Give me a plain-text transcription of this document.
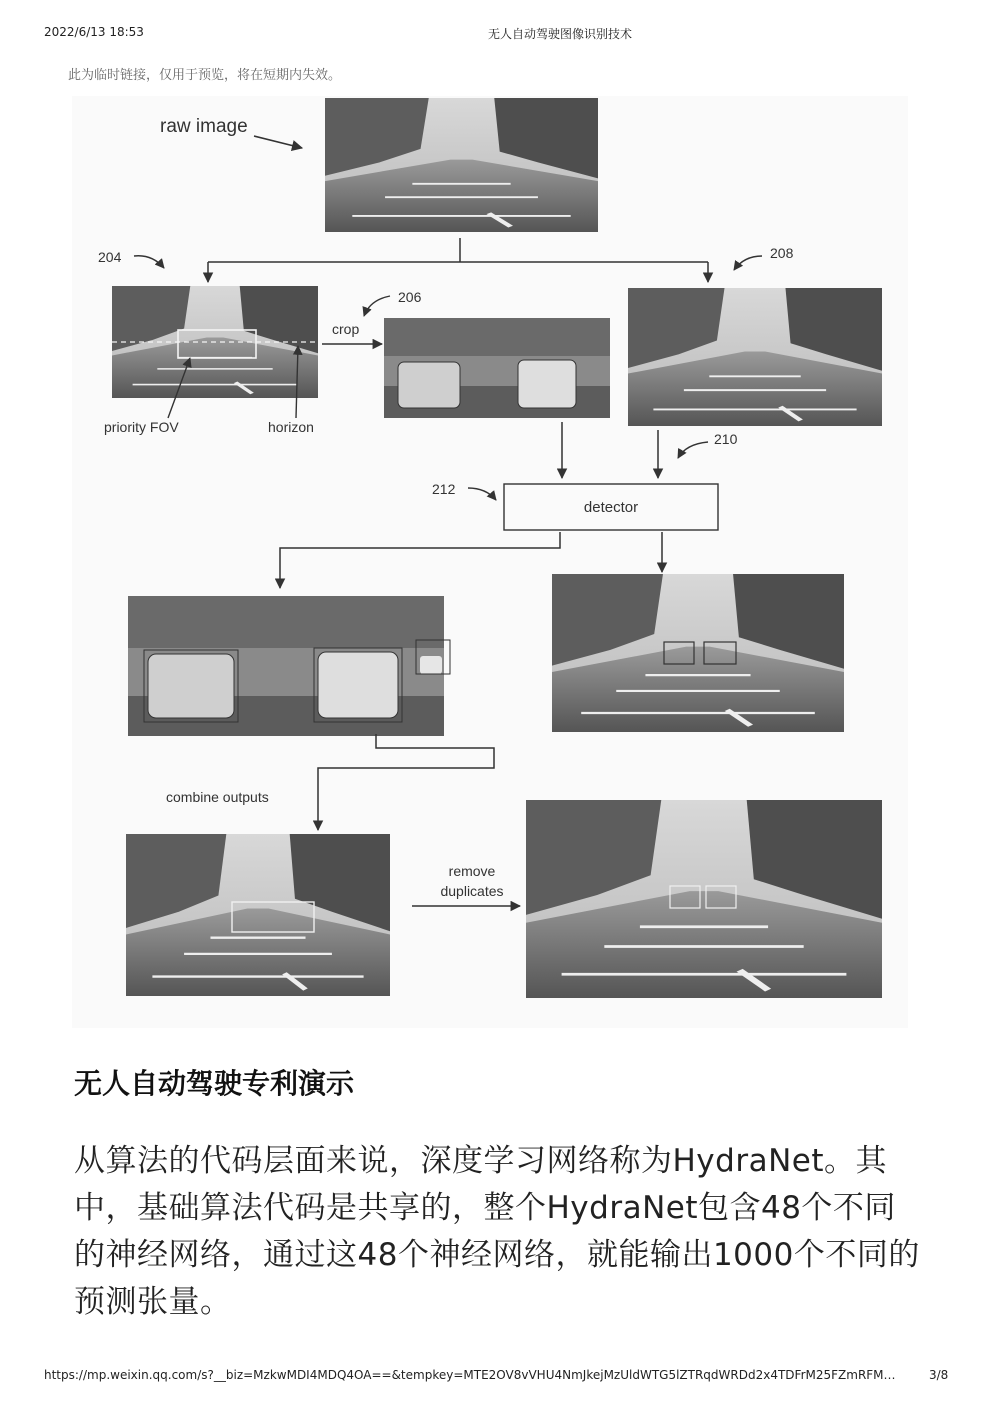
2022/6/13 18:53	无人自动驾驶图像识别技术
此为临时链接，仅用于预览，将在短期内失效。
raw image
204
priority FOV	horizon
crop
206
208
210
212
detector
combine outputs
remove
duplicates
无人自动驾驶专利演示

从算法的代码层面来说，深度学习网络称为HydraNet。其中，基础算法代码是共享的，整个HydraNet包含48个不同的神经网络，通过这48个神经网络，就能输出1000个不同的预测张量。

https://mp.weixin.qq.com/s?__biz=MzkwMDI4MDQ4OA==&tempkey=MTE2OV8vVHU4NmJkejMzUldWTG5lZTRqdWRDd2x4TDFrM25FZmRFM…	3/8
